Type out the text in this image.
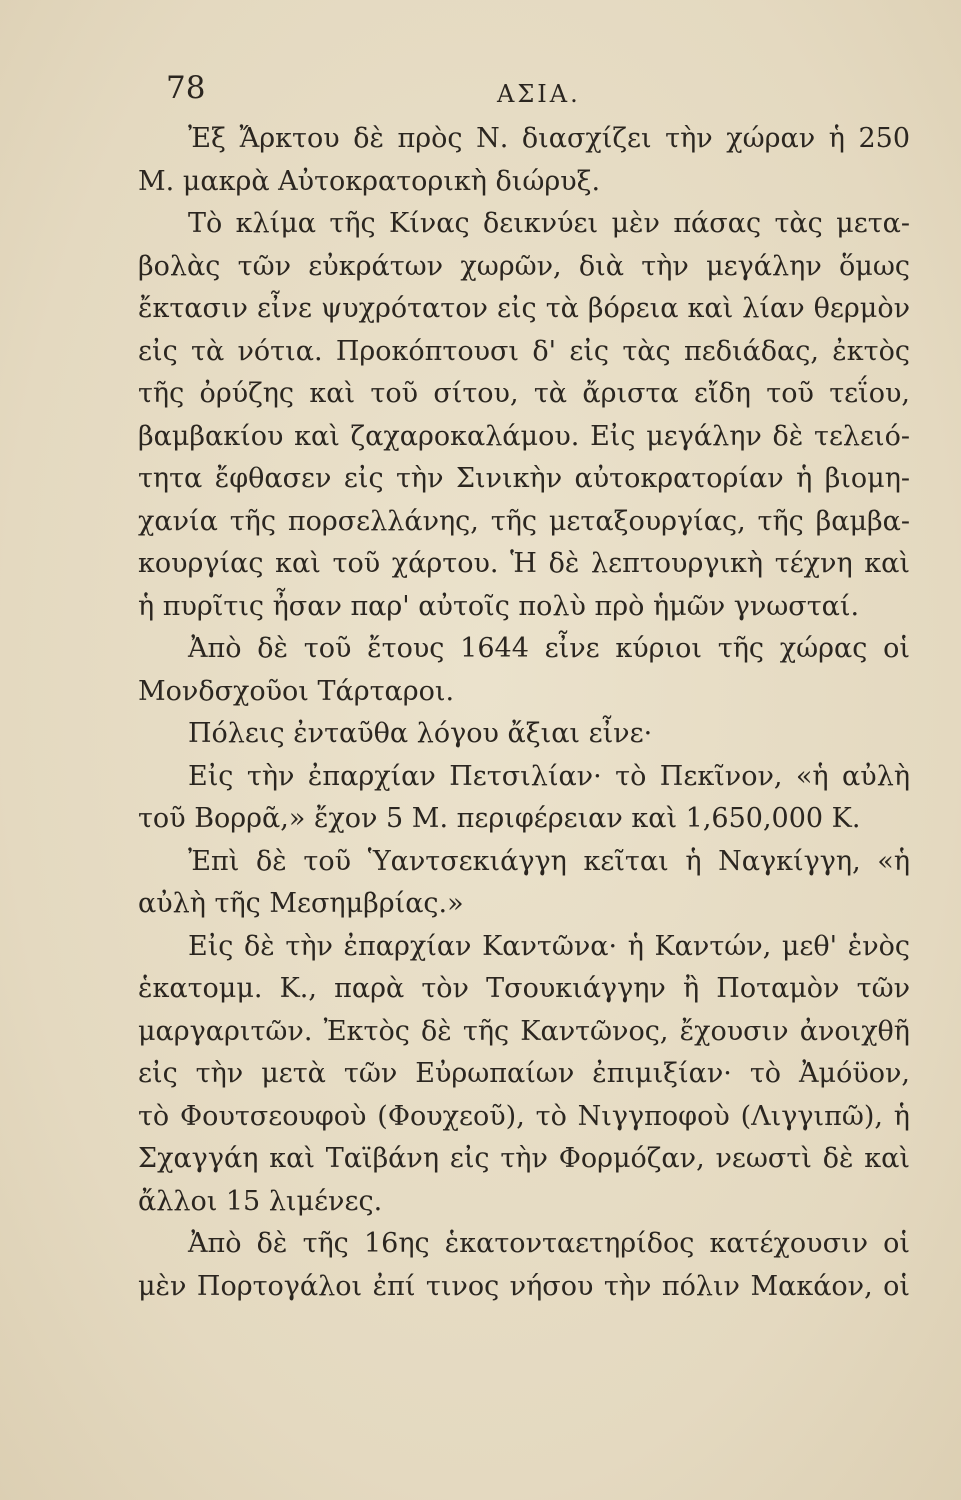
78	ΑΣΙΑ.
Ἐξ Ἄρκτου δὲ πρὸς Ν. διασχίζει τὴν χώραν ἡ 250
Μ. μακρὰ Αὐτοκρατορικὴ διώρυξ.
Τὸ κλίμα τῆς Κίνας δεικνύει μὲν πάσας τὰς μετα-
βολὰς τῶν εὐκράτων χωρῶν, διὰ τὴν μεγάλην ὅμως
ἔκτασιν εἶνε ψυχρότατον εἰς τὰ βόρεια καὶ λίαν θερμὸν
εἰς τὰ νότια. Προκόπτουσι δ' εἰς τὰς πεδιάδας, ἐκτὸς
τῆς ὀρύζης καὶ τοῦ σίτου, τὰ ἄριστα εἴδη τοῦ τεΐου,
βαμβακίου καὶ ζαχαροκαλάμου. Εἰς μεγάλην δὲ τελειό-
τητα ἔφθασεν εἰς τὴν Σινικὴν αὐτοκρατορίαν ἡ βιομη-
χανία τῆς πορσελλάνης, τῆς μεταξουργίας, τῆς βαμβα-
κουργίας καὶ τοῦ χάρτου. Ἡ δὲ λεπτουργικὴ τέχνη καὶ
ἡ πυρῖτις ἦσαν παρ' αὐτοῖς πολὺ πρὸ ἡμῶν γνωσταί.
Ἀπὸ δὲ τοῦ ἔτους 1644 εἶνε κύριοι τῆς χώρας οἱ
Μονδσχοῦοι Τάρταροι.
Πόλεις ἐνταῦθα λόγου ἄξιαι εἶνε·
Εἰς τὴν ἐπαρχίαν Πετσιλίαν· τὸ Πεκῖνον, «ἡ αὐλὴ
τοῦ Βορρᾶ,» ἔχον 5 Μ. περιφέρειαν καὶ 1,650,000 Κ.
Ἐπὶ δὲ τοῦ Ὑαντσεκιάγγη κεῖται ἡ Ναγκίγγη, «ἡ
αὐλὴ τῆς Μεσημβρίας.»
Εἰς δὲ τὴν ἐπαρχίαν Καντῶνα· ἡ Καντών, μεθ' ἑνὸς
ἑκατομμ. Κ., παρὰ τὸν Τσουκιάγγην ἢ Ποταμὸν τῶν
μαργαριτῶν. Ἐκτὸς δὲ τῆς Καντῶνος, ἔχουσιν ἀνοιχθῆ
εἰς τὴν μετὰ τῶν Εὐρωπαίων ἐπιμιξίαν· τὸ Ἀμόϋον,
τὸ Φουτσεουφοὺ (Φουχεοῦ), τὸ Νιγγποφοὺ (Λιγγιπῶ), ἡ
Σχαγγάη καὶ Ταϊβάνη εἰς τὴν Φορμόζαν, νεωστὶ δὲ καὶ
ἄλλοι 15 λιμένες.
Ἀπὸ δὲ τῆς 16ης ἑκατονταετηρίδος κατέχουσιν οἱ
μὲν Πορτογάλοι ἐπί τινος νήσου τὴν πόλιν Μακάον, οἱ
